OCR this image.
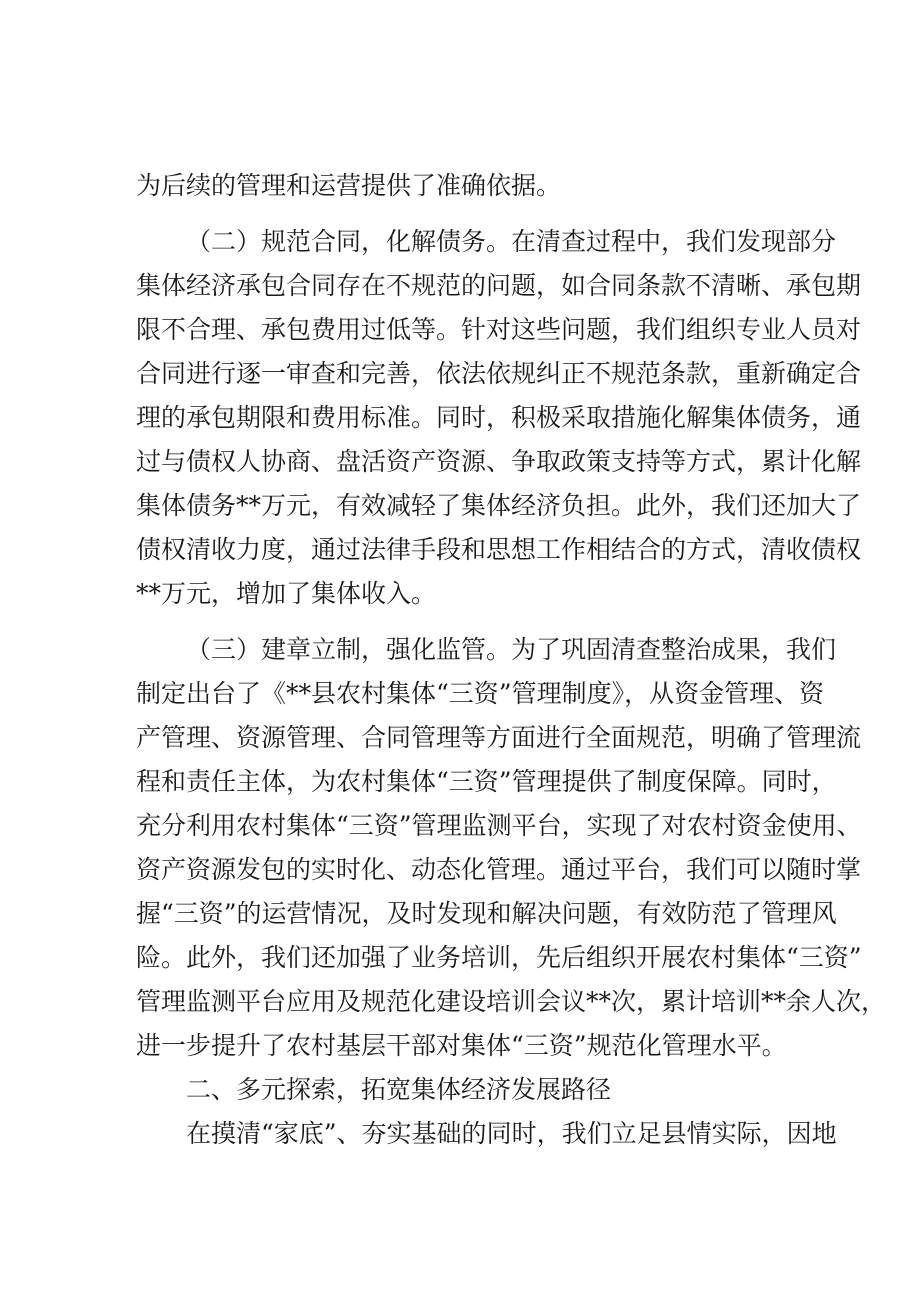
为后续的管理和运营提供了准确依据。
（二）规范合同，化解债务。在清查过程中，我们发现部分
集体经济承包合同存在不规范的问题，如合同条款不清晰、承包期
限不合理、承包费用过低等。针对这些问题，我们组织专业人员对
合同进行逐一审查和完善，依法依规纠正不规范条款，重新确定合
理的承包期限和费用标准。同时，积极采取措施化解集体债务，通
过与债权人协商、盘活资产资源、争取政策支持等方式，累计化解
集体债务**万元，有效减轻了集体经济负担。此外，我们还加大了
债权清收力度，通过法律手段和思想工作相结合的方式，清收债权
**万元，增加了集体收入。
（三）建章立制，强化监管。为了巩固清查整治成果，我们
制定出台了《**县农村集体“三资”管理制度》，从资金管理、资
产管理、资源管理、合同管理等方面进行全面规范，明确了管理流
程和责任主体，为农村集体“三资”管理提供了制度保障。同时，
充分利用农村集体“三资”管理监测平台，实现了对农村资金使用、
资产资源发包的实时化、动态化管理。通过平台，我们可以随时掌
握“三资”的运营情况，及时发现和解决问题，有效防范了管理风
险。此外，我们还加强了业务培训，先后组织开展农村集体“三资”
管理监测平台应用及规范化建设培训会议**次，累计培训**余人次，
进一步提升了农村基层干部对集体“三资”规范化管理水平。
二、多元探索，拓宽集体经济发展路径
在摸清“家底”、夯实基础的同时，我们立足县情实际，因地
